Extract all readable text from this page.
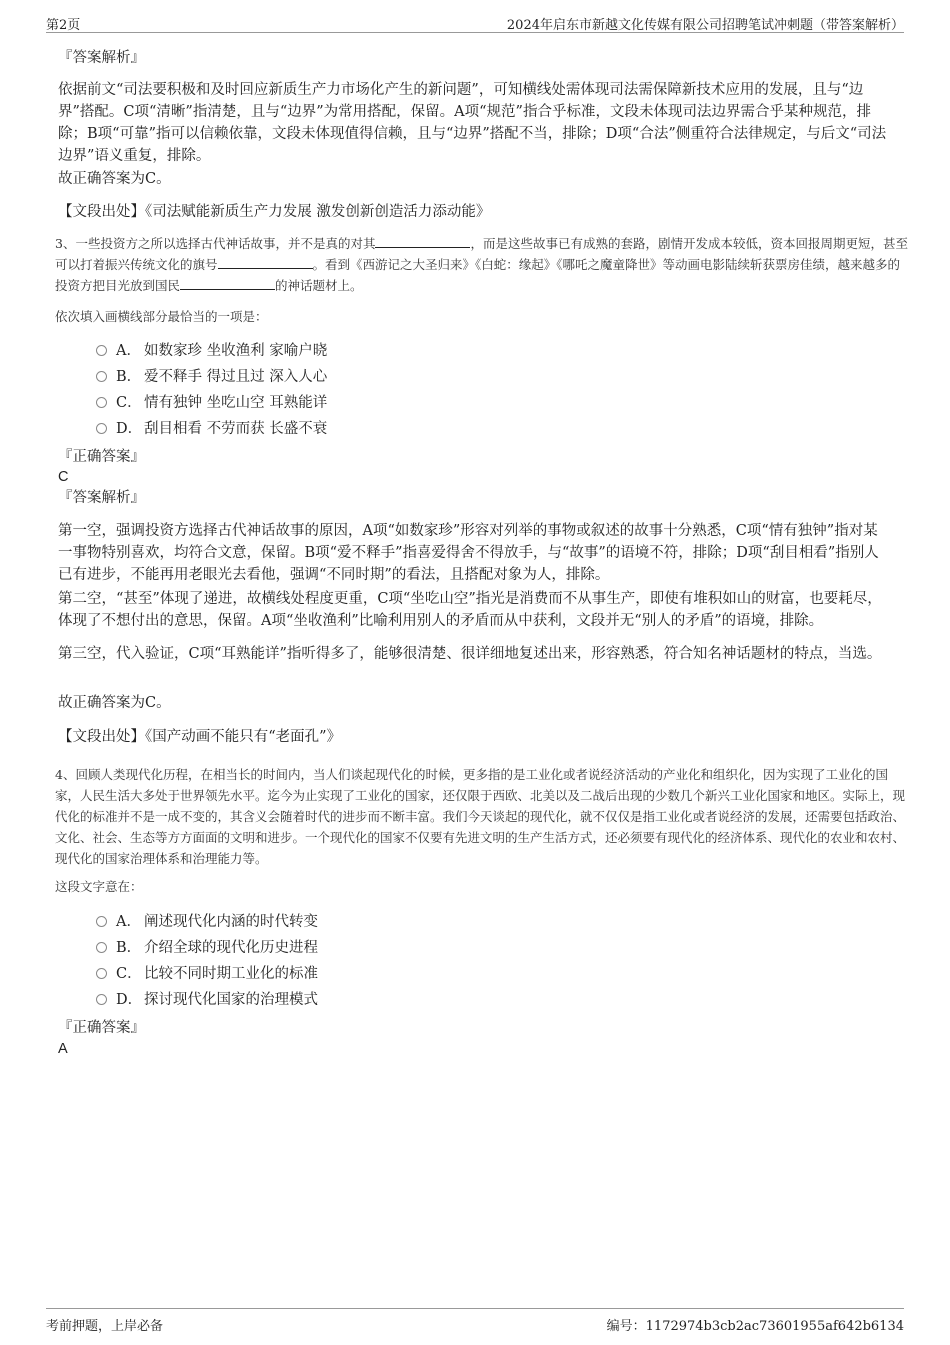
第2页	2024年启东市新越文化传媒有限公司招聘笔试冲刺题（带答案解析）
『答案解析』

依据前文“司法要积极和及时回应新质生产力市场化产生的新问题”，可知横线处需体现司法需保障新技术应用的发展，且与“边界”搭配。C项“清晰”指清楚，且与“边界”为常用搭配，保留。A项“规范”指合乎标准，文段未体现司法边界需合乎某种规范，排除；B项“可靠”指可以信赖依靠，文段未体现值得信赖，且与“边界”搭配不当，排除；D项“合法”侧重符合法律规定，与后文“司法边界”语义重复，排除。

故正确答案为C。

【文段出处】《司法赋能新质生产力发展 激发创新创造活力添动能》

3、一些投资方之所以选择古代神话故事，并不是真的对其	，而是这些故事已有成熟的套路，剧情开发成本较低，资本回报周期更短，甚至可以打着振兴传统文化的旗号	。看到《西游记之大圣归来》《白蛇：缘起》《哪吒之魔童降世》等动画电影陆续斩获票房佳绩，越来越多的投资方把目光放到国民	的神话题材上。

依次填入画横线部分最恰当的一项是：

A． 如数家珍 坐收渔利 家喻户晓
B． 爱不释手 得过且过 深入人心
C． 情有独钟 坐吃山空 耳熟能详
D． 刮目相看 不劳而获 长盛不衰
『正确答案』
C
『答案解析』

第一空，强调投资方选择古代神话故事的原因，A项“如数家珍”形容对列举的事物或叙述的故事十分熟悉，C项“情有独钟”指对某一事物特别喜欢，均符合文意，保留。B项“爱不释手”指喜爱得舍不得放手，与“故事”的语境不符，排除；D项“刮目相看”指别人已有进步，不能再用老眼光去看他，强调“不同时期”的看法，且搭配对象为人，排除。

第二空，“甚至”体现了递进，故横线处程度更重，C项“坐吃山空”指光是消费而不从事生产，即使有堆积如山的财富，也要耗尽，体现了不想付出的意思，保留。A项“坐收渔利”比喻利用别人的矛盾而从中获利，文段并无“别人的矛盾”的语境，排除。

第三空，代入验证，C项“耳熟能详”指听得多了，能够很清楚、很详细地复述出来，形容熟悉，符合知名神话题材的特点，当选。

故正确答案为C。

【文段出处】《国产动画不能只有“老面孔”》

4、回顾人类现代化历程，在相当长的时间内，当人们谈起现代化的时候，更多指的是工业化或者说经济活动的产业化和组织化，因为实现了工业化的国家，人民生活大多处于世界领先水平。迄今为止实现了工业化的国家，还仅限于西欧、北美以及二战后出现的少数几个新兴工业化国家和地区。实际上，现代化的标准并不是一成不变的，其含义会随着时代的进步而不断丰富。我们今天谈起的现代化，就不仅仅是指工业化或者说经济的发展，还需要包括政治、文化、社会、生态等方方面面的文明和进步。一个现代化的国家不仅要有先进文明的生产生活方式，还必须要有现代化的经济体系、现代化的农业和农村、现代化的国家治理体系和治理能力等。

这段文字意在：

A． 阐述现代化内涵的时代转变
B． 介绍全球的现代化历史进程
C． 比较不同时期工业化的标准
D． 探讨现代化国家的治理模式
『正确答案』
A
考前押题，上岸必备	编号：1172974b3cb2ac73601955af642b6134
